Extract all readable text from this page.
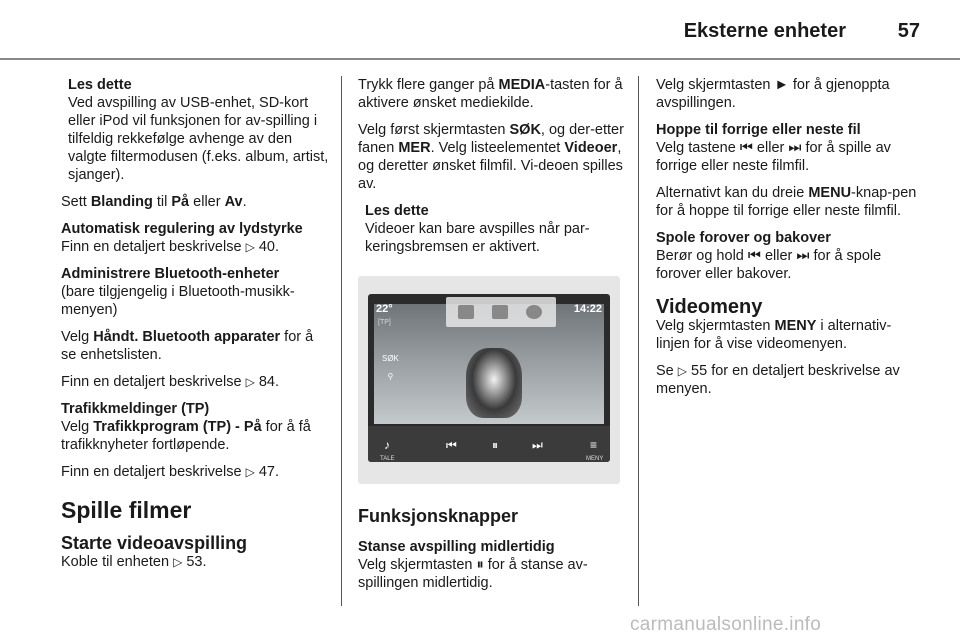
Eksterne enheter	57
Les dette
Ved avspilling av USB-enhet, SD-kort eller iPod vil funksjonen for av-spilling i tilfeldig rekkefølge avhenge av den valgte filtermodusen (f.eks. album, artist, sjanger).

Sett Blanding til På eller Av.

Automatisk regulering av lydstyrke

Finn en detaljert beskrivelse ▷ 40.

Administrere Bluetooth-enheter

(bare tilgjengelig i Bluetooth-musikk-menyen)

Velg Håndt. Bluetooth apparater for å se enhetslisten.

Finn en detaljert beskrivelse ▷ 84.

Trafikkmeldinger (TP)

Velg Trafikkprogram (TP) - På for å få trafikknyheter fortløpende.

Finn en detaljert beskrivelse ▷ 47.

Spille filmer
Starte videoavspilling

Koble til enheten ▷ 53.

Trykk flere ganger på MEDIA-tasten for å aktivere ønsket mediekilde.

Velg først skjermtasten SØK, og der-etter fanen MER. Velg listeelementet Videoer, og deretter ønsket filmfil. Vi-deoen spilles av.

Les dette
Videoer kan bare avspilles når par-keringsbremsen er aktivert.
22°
[TP]
14:22
SØK
⚲
♪
TALE
⏮	⏸	⏭	≡
MENY
Funksjonsknapper
Stanse avspilling midlertidig

Velg skjermtasten ⏸ for å stanse av-spillingen midlertidig.

Velg skjermtasten ► for å gjenoppta avspillingen.

Hoppe til forrige eller neste fil

Velg tastene ⏮ eller ⏭ for å spille av forrige eller neste filmfil.

Alternativt kan du dreie MENU-knap-pen for å hoppe til forrige eller neste filmfil.

Spole forover og bakover

Berør og hold ⏮ eller ⏭ for å spole forover eller bakover.

Videomeny

Velg skjermtasten MENY i alternativ-linjen for å vise videomenyen.

Se ▷ 55 for en detaljert beskrivelse av menyen.

carmanualsonline.info
